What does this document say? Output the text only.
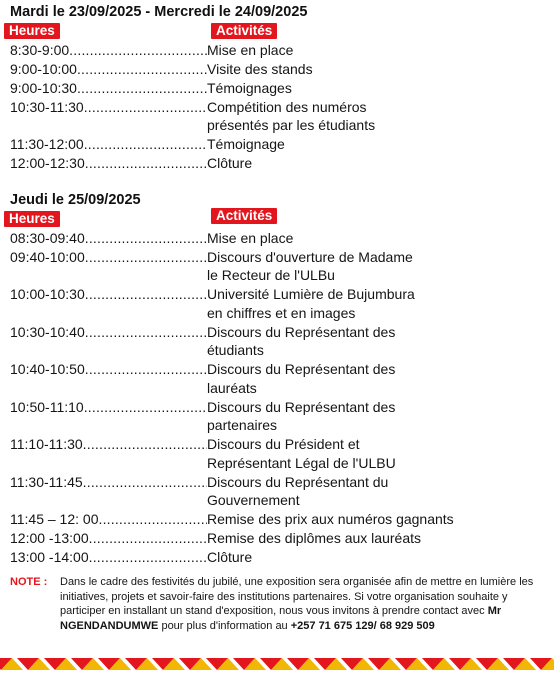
Mardi le 23/09/2025 - Mercredi le 24/09/2025
Heures	Activités
8:30-9:00 .....	Mise en place
9:00-10:00 .....	Visite des stands
9:00-10:30 .....	Témoignages
10:30-11:30 .....	Compétition des numéros
présentés par les étudiants
11:30-12:00 .....	Témoignage
12:00-12:30 .....	Clôture
Jeudi le 25/09/2025
Heures	Activités
08:30-09:40 .....	Mise en place
09:40-10:00 .....	Discours d'ouverture de Madame
le Recteur de l'ULBu
10:00-10:30 .....	Université Lumière de Bujumbura
en chiffres et en images
10:30-10:40 .....	Discours du Représentant des
étudiants
10:40-10:50 .....	Discours du Représentant des
lauréats
10:50-11:10 .....	Discours du Représentant des
partenaires
11:10-11:30 .....	Discours du Président et
Représentant Légal de l'ULBU
11:30-11:45 .....	Discours du Représentant du
Gouvernement
11:45 – 12: 00 .....	Remise des prix aux numéros gagnants
12:00 -13:00 .....	Remise des diplômes aux lauréats
13:00 -14:00 .....	Clôture
NOTE : Dans le cadre des festivités du jubilé, une exposition sera organisée afin de mettre en lumière les initiatives, projets et savoir-faire des institutions partenaires. Si votre organisation souhaite y participer en installant un stand d'exposition, nous vous invitons à prendre contact avec Mr NGENDANDUMWE pour plus d'information au +257 71 675 129/ 68 929 509
